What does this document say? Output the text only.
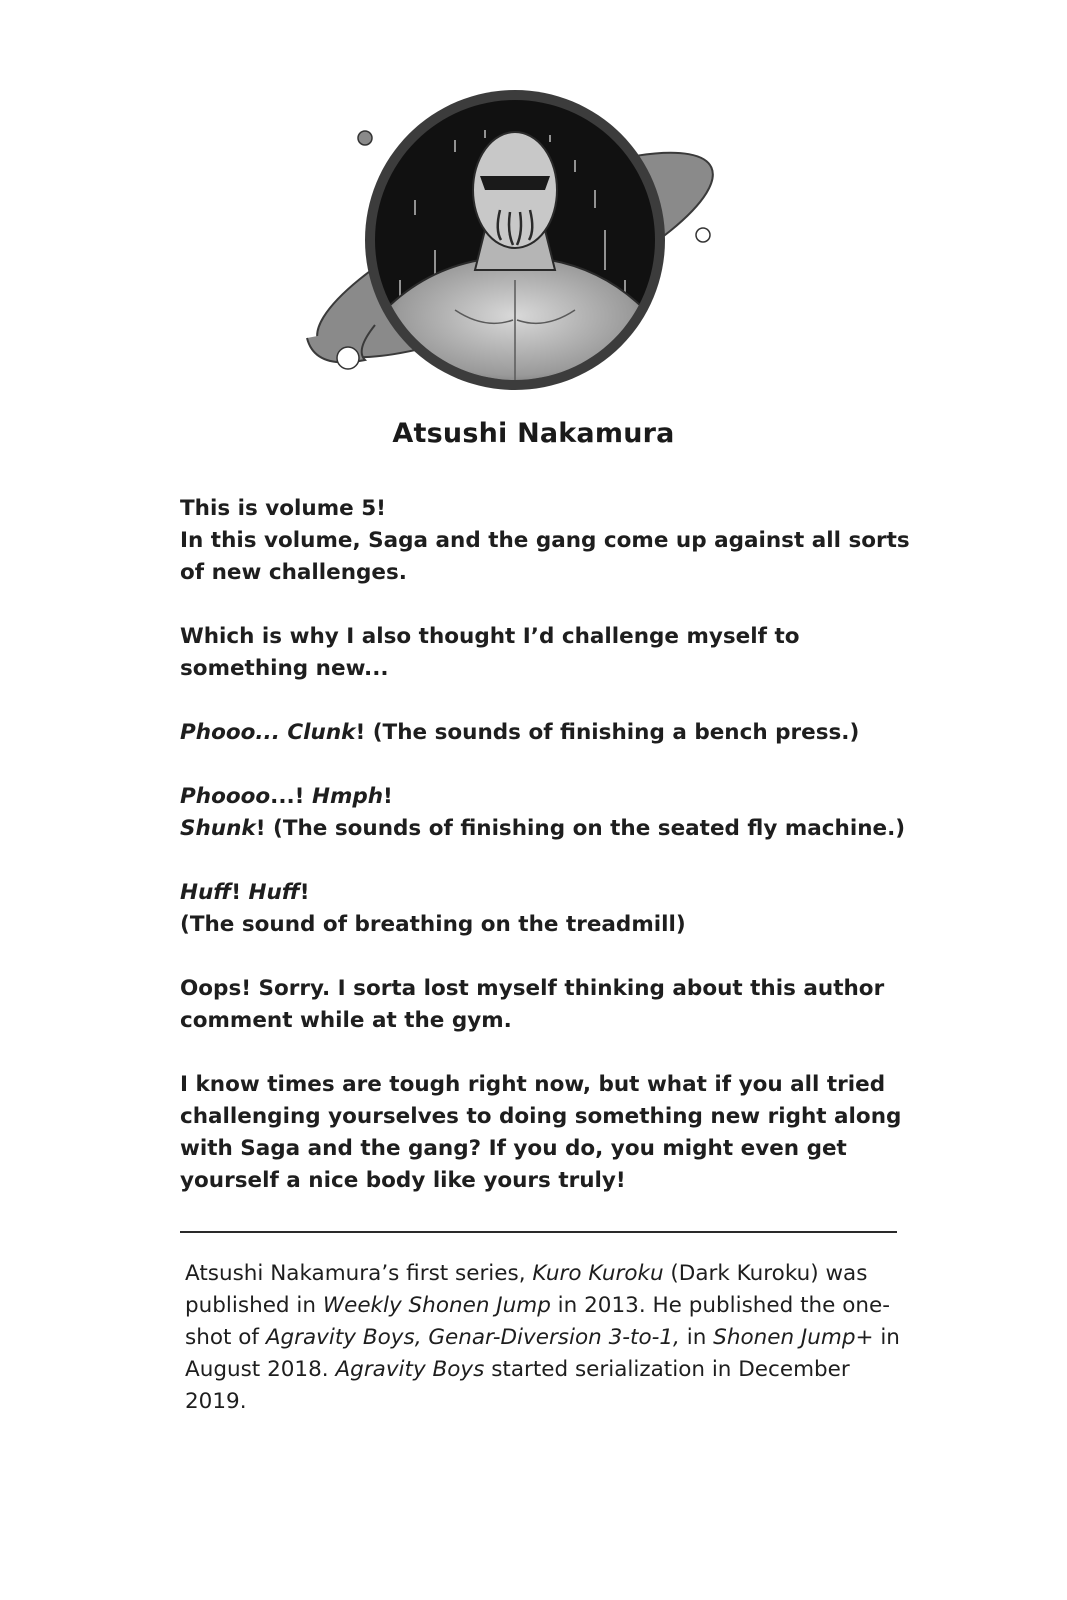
Atsushi Nakamura

This is volume 5!
In this volume, Saga and the gang come up against all sorts of new challenges.

Which is why I also thought I’d challenge myself to something new...

Phooo... Clunk! (The sounds of finishing a bench press.)

Phoooo...! Hmph!
Shunk! (The sounds of finishing on the seated fly machine.)

Huff! Huff!
(The sound of breathing on the treadmill)

Oops! Sorry. I sorta lost myself thinking about this author comment while at the gym.

I know times are tough right now, but what if you all tried challenging yourselves to doing something new right along with Saga and the gang? If you do, you might even get yourself a nice body like yours truly!

Atsushi Nakamura’s first series, Kuro Kuroku (Dark Kuroku) was published in Weekly Shonen Jump in 2013. He published the one-shot of Agravity Boys, Genar-Diversion 3-to-1, in Shonen Jump+ in August 2018. Agravity Boys started serialization in December 2019.
